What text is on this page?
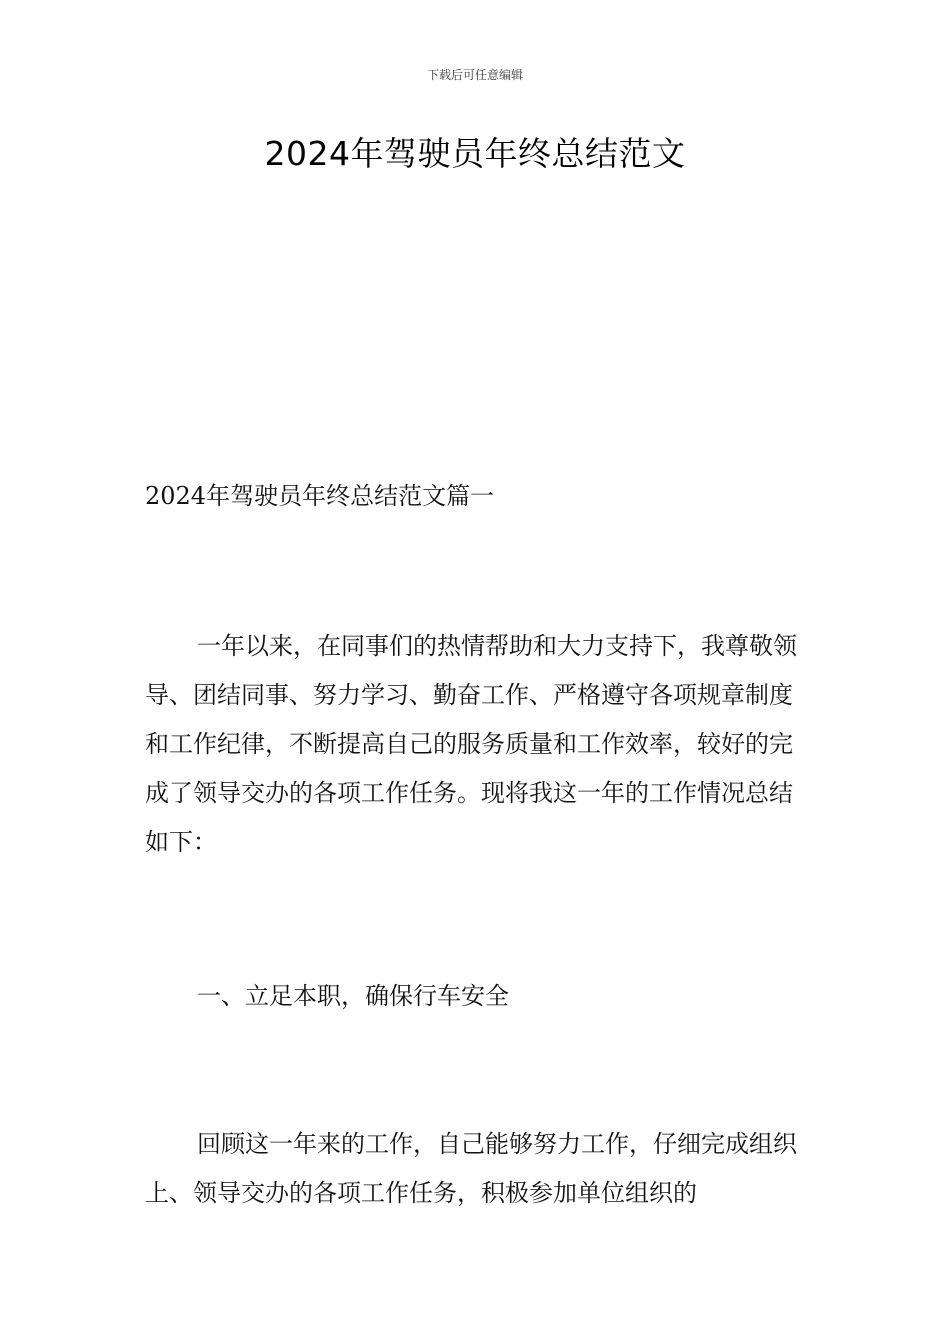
下载后可任意编辑
2024年驾驶员年终总结范文

2024年驾驶员年终总结范文篇一

一年以来，在同事们的热情帮助和大力支持下，我尊敬领导、团结同事、努力学习、勤奋工作、严格遵守各项规章制度和工作纪律，不断提高自己的服务质量和工作效率，较好的完成了领导交办的各项工作任务。现将我这一年的工作情况总结如下：

一、立足本职，确保行车安全

回顾这一年来的工作，自己能够努力工作，仔细完成组织上、领导交办的各项工作任务，积极参加单位组织的
